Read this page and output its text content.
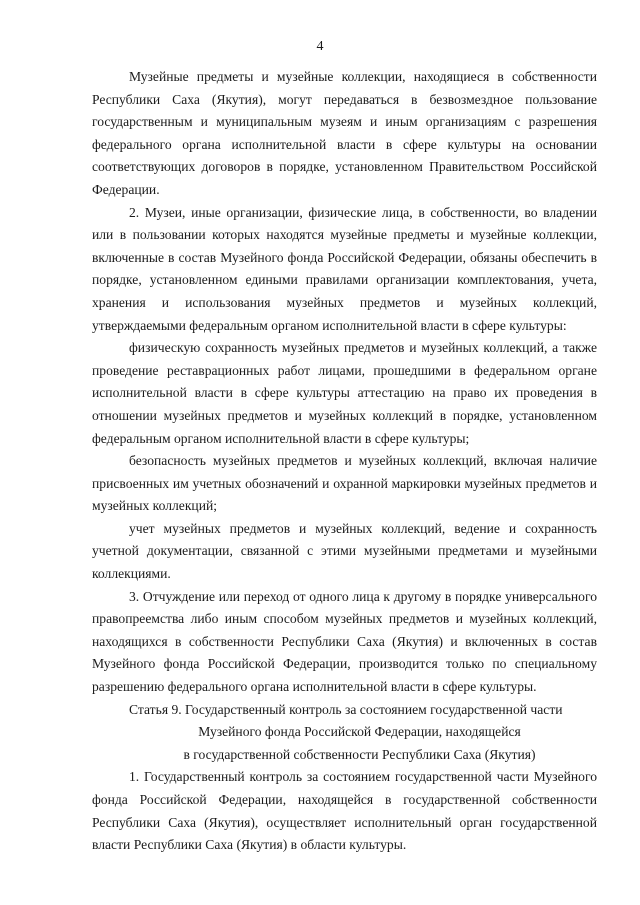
4

Музейные предметы и музейные коллекции, находящиеся в собственности Республики Саха (Якутия), могут передаваться в безвозмездное пользование государственным и муниципальным музеям и иным организациям с разрешения федерального органа исполнительной власти в сфере культуры на основании соответствующих договоров в порядке, установленном Правительством Российской Федерации.

2. Музеи, иные организации, физические лица, в собственности, во владении или в пользовании которых находятся музейные предметы и музейные коллекции, включенные в состав Музейного фонда Российской Федерации, обязаны обеспечить в порядке, установленном едиными правилами организации комплектования, учета, хранения и использования музейных предметов и музейных коллекций, утверждаемыми федеральным органом исполнительной власти в сфере культуры:

физическую сохранность музейных предметов и музейных коллекций, а также проведение реставрационных работ лицами, прошедшими в федеральном органе исполнительной власти в сфере культуры аттестацию на право их проведения в отношении музейных предметов и музейных коллекций в порядке, установленном федеральным органом исполнительной власти в сфере культуры;

безопасность музейных предметов и музейных коллекций, включая наличие присвоенных им учетных обозначений и охранной маркировки музейных предметов и музейных коллекций;

учет музейных предметов и музейных коллекций, ведение и сохранность учетной документации, связанной с этими музейными предметами и музейными коллекциями.

3. Отчуждение или переход от одного лица к другому в порядке универсального правопреемства либо иным способом музейных предметов и музейных коллекций, находящихся в собственности Республики Саха (Якутия) и включенных в состав Музейного фонда Российской Федерации, производится только по специальному разрешению федерального органа исполнительной власти в сфере культуры.

Статья 9. Государственный контроль за состоянием государственной части
Музейного фонда Российской Федерации, находящейся
в государственной собственности Республики Саха (Якутия)

1. Государственный контроль за состоянием государственной части Музейного фонда Российской Федерации, находящейся в государственной собственности Республики Саха (Якутия), осуществляет исполнительный орган государственной власти Республики Саха (Якутия) в области культуры.
